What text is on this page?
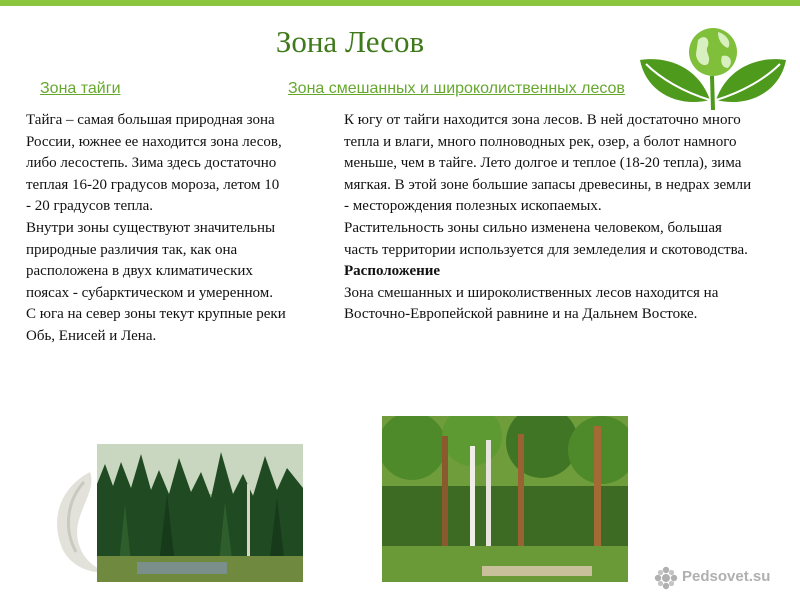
Зона Лесов
Зона тайги	Зона смешанных и широколиственных лесов

Тайга – самая большая природная зона России, южнее ее находится зона лесов, либо лесостепь. Зима здесь достаточно теплая 16-20 градусов мороза, летом 10 - 20 градусов тепла.

Внутри зоны существуют значительны природные различия так, как она расположена в двух климатических поясах - субарктическом и умеренном. С юга на север зоны текут крупные реки Обь, Енисей и Лена.

К югу от тайги находится зона лесов. В ней достаточно много тепла и влаги, много полноводных рек, озер, а болот намного меньше, чем в тайге. Лето долгое и теплое (18-20 тепла), зима мягкая. В этой зоне большие запасы древесины, в недрах земли - месторождения полезных ископаемых.

Растительность зоны сильно изменена человеком, большая часть территории используется для земледелия и скотоводства.

Расположение

Зона смешанных и широколиственных лесов находится на Восточно-Европейской равнине и на Дальнем Востоке.

Pedsovet.su
